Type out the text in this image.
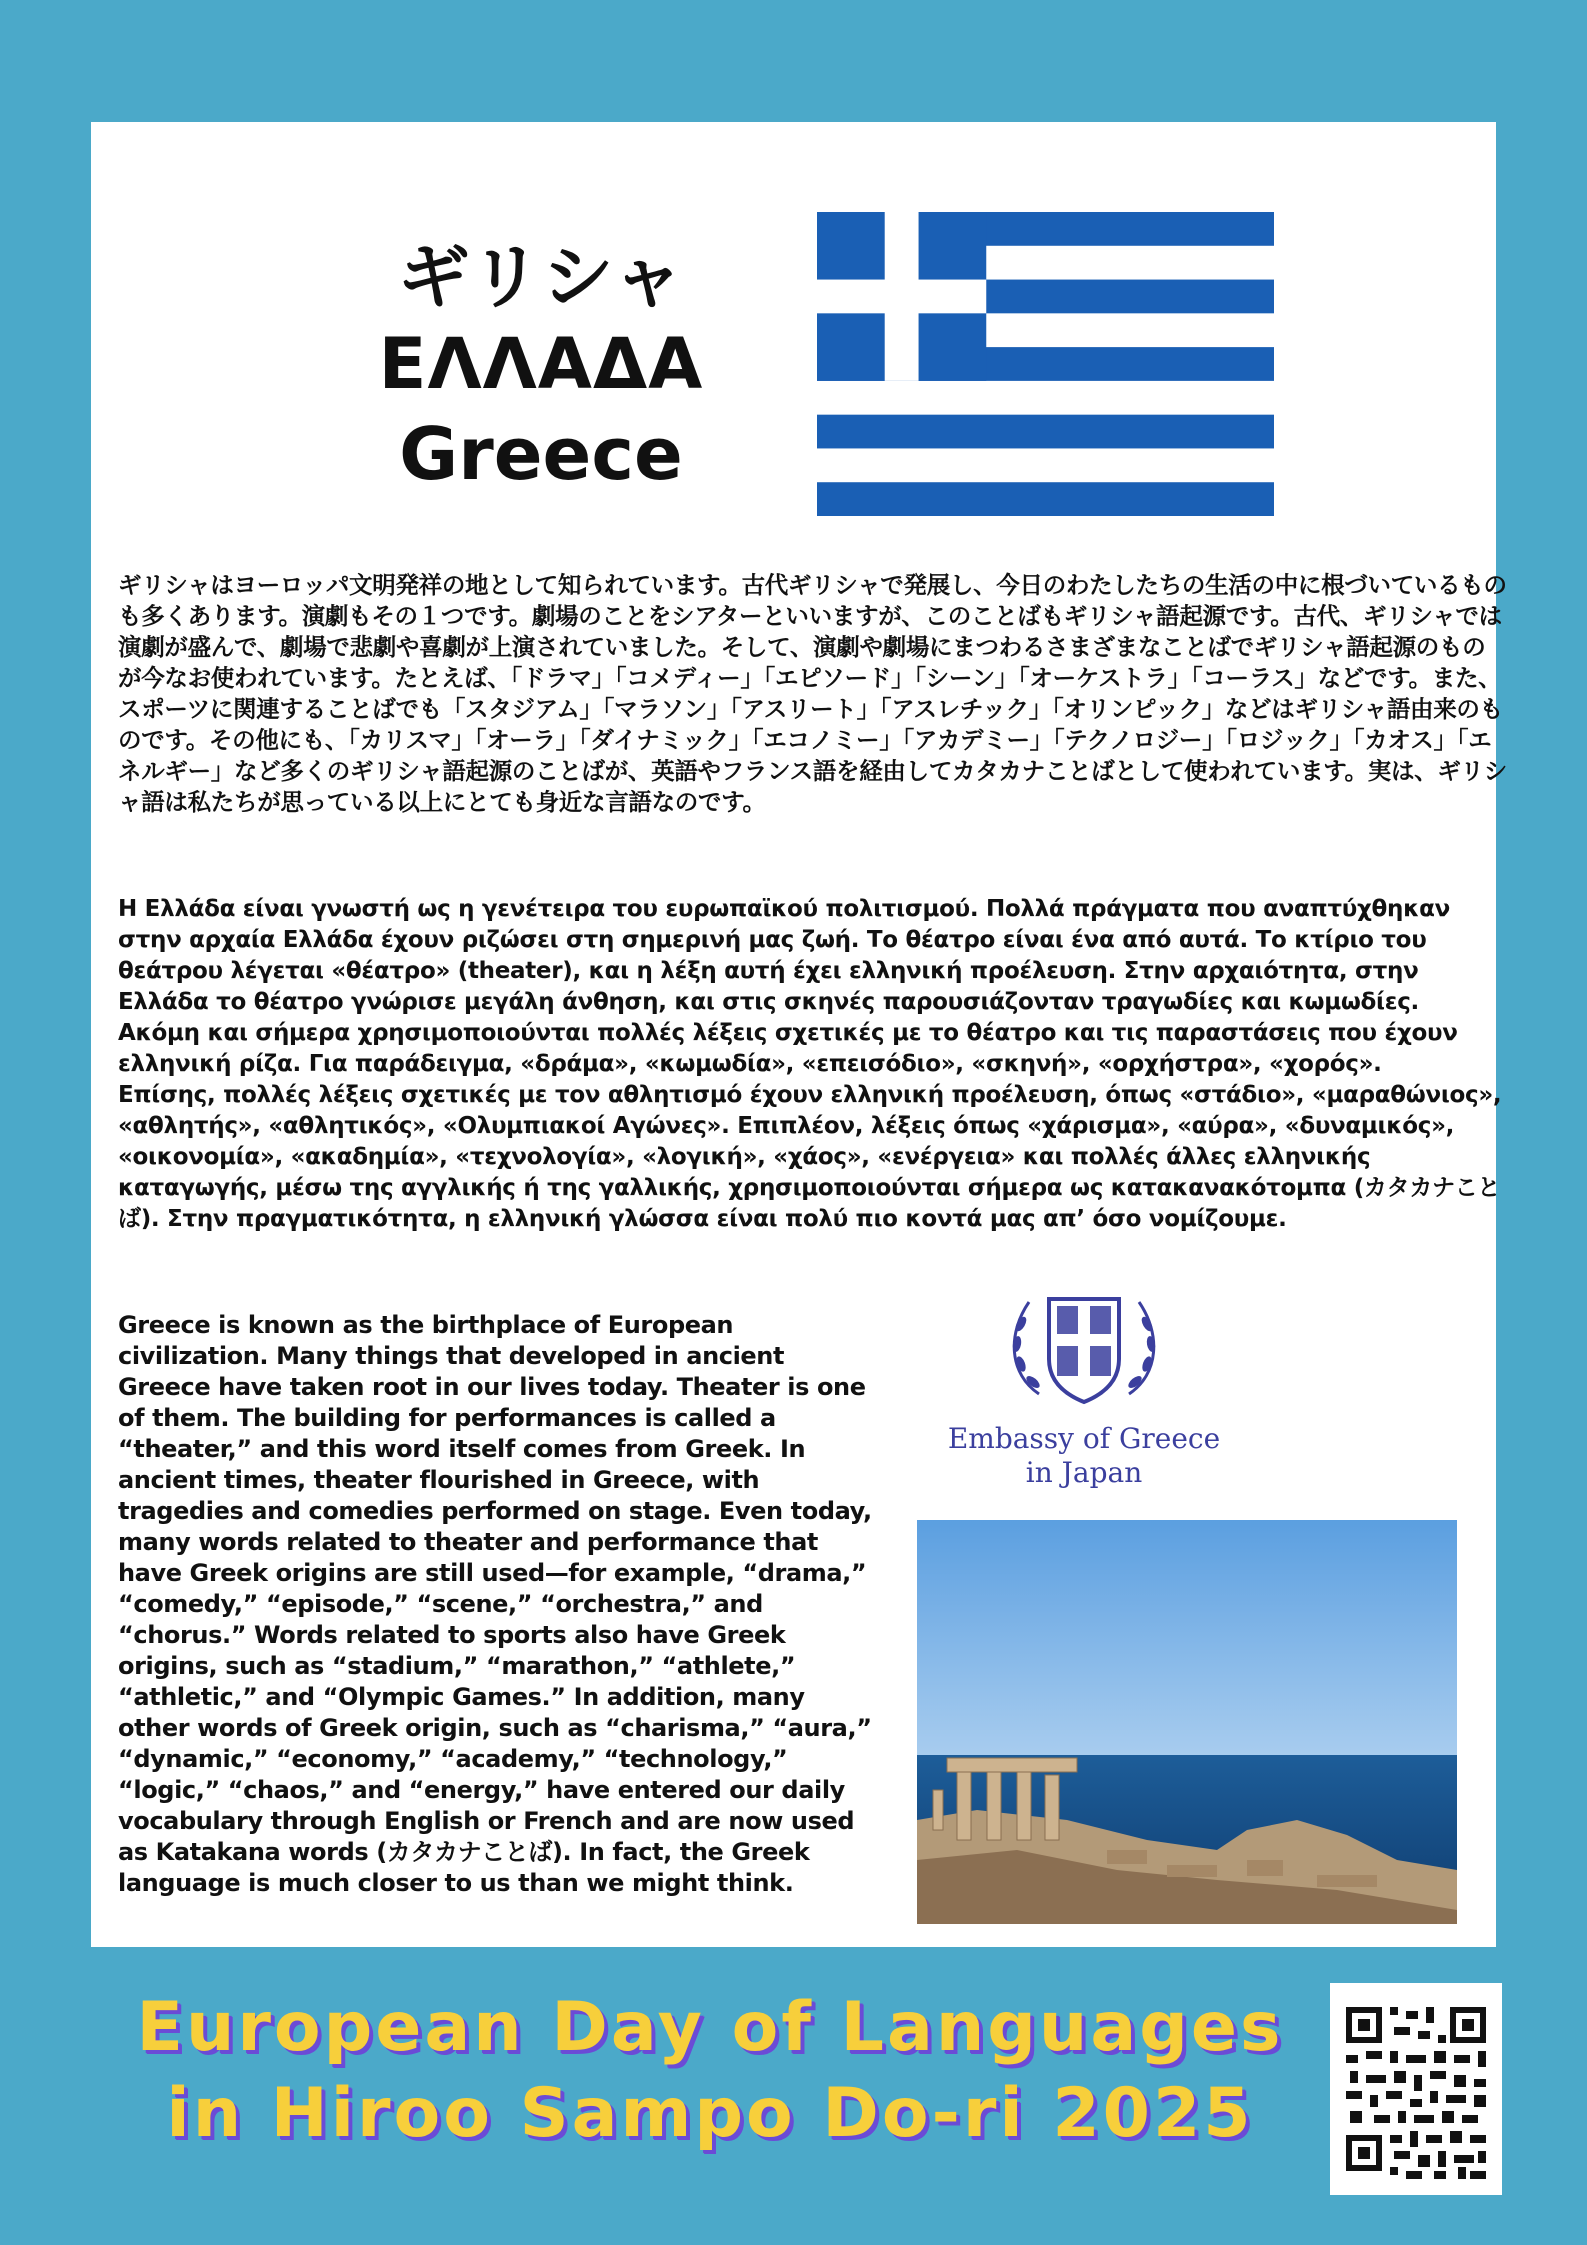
ギリシャ

ΕΛΛΑΔΑ

Greece

ギリシャはヨーロッパ文明発祥の地として知られています。古代ギリシャで発展し、今日のわたしたちの生活の中に根づいているものも多くあります。演劇もその１つです。劇場のことをシアターといいますが、このことばもギリシャ語起源です。古代、ギリシャでは演劇が盛んで、劇場で悲劇や喜劇が上演されていました。そして、演劇や劇場にまつわるさまざまなことばでギリシャ語起源のものが今なお使われています。たとえば、「ドラマ」「コメディー」「エピソード」「シーン」「オーケストラ」「コーラス」などです。また、スポーツに関連することばでも「スタジアム」「マラソン」「アスリート」「アスレチック」「オリンピック」などはギリシャ語由来のものです。その他にも、「カリスマ」「オーラ」「ダイナミック」「エコノミー」「アカデミー」「テクノロジー」「ロジック」「カオス」「エネルギー」など多くのギリシャ語起源のことばが、英語やフランス語を経由してカタカナことばとして使われています。実は、ギリシャ語は私たちが思っている以上にとても身近な言語なのです。

Η Ελλάδα είναι γνωστή ως η γενέτειρα του ευρωπαϊκού πολιτισμού. Πολλά πράγματα που αναπτύχθηκαν στην αρχαία Ελλάδα έχουν ριζώσει στη σημερινή μας ζωή. Το θέατρο είναι ένα από αυτά. Το κτίριο του θεάτρου λέγεται «θέατρο» (theater), και η λέξη αυτή έχει ελληνική προέλευση. Στην αρχαιότητα, στην Ελλάδα το θέατρο γνώρισε μεγάλη άνθηση, και στις σκηνές παρουσιάζονταν τραγωδίες και κωμωδίες. Ακόμη και σήμερα χρησιμοποιούνται πολλές λέξεις σχετικές με το θέατρο και τις παραστάσεις που έχουν ελληνική ρίζα. Για παράδειγμα, «δράμα», «κωμωδία», «επεισόδιο», «σκηνή», «ορχήστρα», «χορός».
Επίσης, πολλές λέξεις σχετικές με τον αθλητισμό έχουν ελληνική προέλευση, όπως «στάδιο», «μαραθώνιος», «αθλητής», «αθλητικός», «Ολυμπιακοί Αγώνες». Επιπλέον, λέξεις όπως «χάρισμα», «αύρα», «δυναμικός», «οικονομία», «ακαδημία», «τεχνολογία», «λογική», «χάος», «ενέργεια» και πολλές άλλες ελληνικής καταγωγής, μέσω της αγγλικής ή της γαλλικής, χρησιμοποιούνται σήμερα ως κατακανακότομπα (カタカナことば). Στην πραγματικότητα, η ελληνική γλώσσα είναι πολύ πιο κοντά μας απ’ όσο νομίζουμε.

Greece is known as the birthplace of European civilization. Many things that developed in ancient Greece have taken root in our lives today. Theater is one of them. The building for performances is called a “theater,” and this word itself comes from Greek. In ancient times, theater flourished in Greece, with tragedies and comedies performed on stage. Even today, many words related to theater and performance that have Greek origins are still used—for example, “drama,” “comedy,” “episode,” “scene,” “orchestra,” and “chorus.” Words related to sports also have Greek origins, such as “stadium,” “marathon,” “athlete,” “athletic,” and “Olympic Games.” In addition, many other words of Greek origin, such as “charisma,” “aura,” “dynamic,” “economy,” “academy,” “technology,” “logic,” “chaos,” and “energy,” have entered our daily vocabulary through English or French and are now used as Katakana words (カタカナことば). In fact, the Greek language is much closer to us than we might think.

Embassy of Greece
in Japan
European Day of Languages
in Hiroo Sampo Do-ri 2025
